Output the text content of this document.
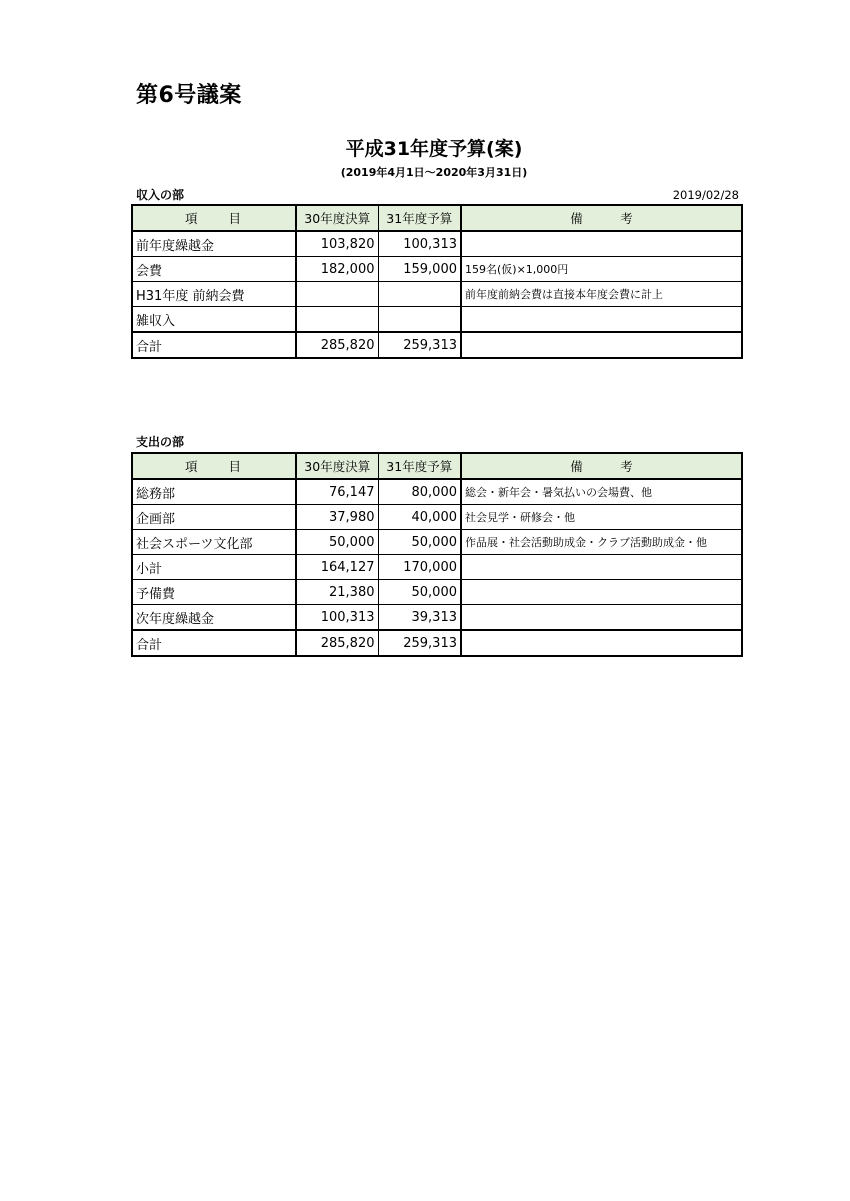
第6号議案
平成31年度予算(案)
(2019年4月1日～2020年3月31日)
収入の部	2019/02/28
項　　目	30年度決算	31年度予算	備　　　考
前年度繰越金	103,820	100,313	
会費	182,000	159,000	159名(仮)×1,000円
H31年度 前納会費			前年度前納会費は直接本年度会費に計上
雑収入			
合計	285,820	259,313	
支出の部
項　　目	30年度決算	31年度予算	備　　　考
総務部	76,147	80,000	総会・新年会・暑気払いの会場費、他
企画部	37,980	40,000	社会見学・研修会・他
社会スポーツ文化部	50,000	50,000	作品展・社会活動助成金・クラブ活動助成金・他
小計	164,127	170,000	
予備費	21,380	50,000	
次年度繰越金	100,313	39,313	
合計	285,820	259,313	
